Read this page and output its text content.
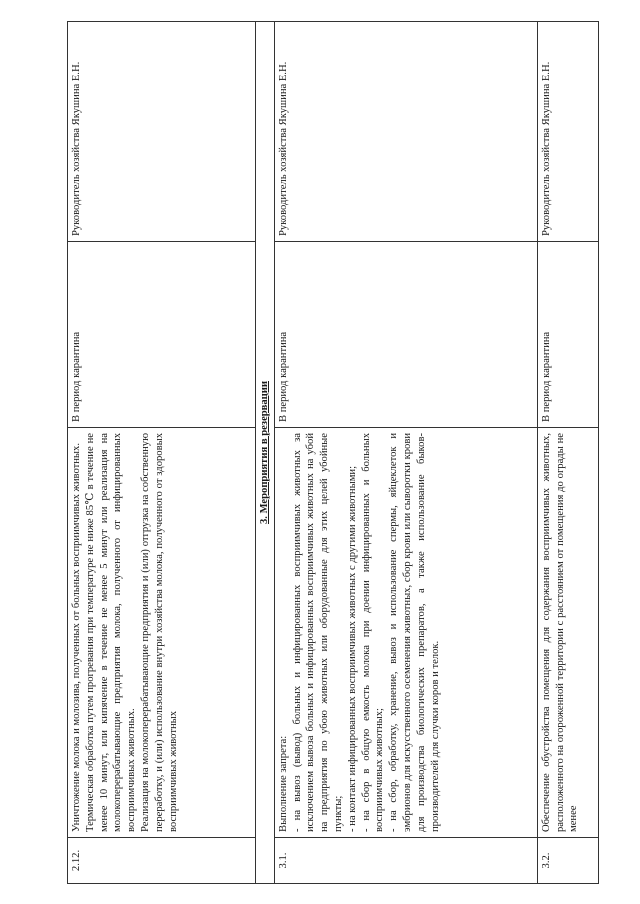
2.12.	Уничтожение молока и молозива, полученных от больных восприимчивых животных. Термическая обработка путем прогревания при температуре не ниже 85℃ в течение не менее 10 минут, или кипячение в течение не менее 5 минут или реализация на молокоперерабатывающие предприятия молока, полученного от инфицированных восприимчивых животных. Реализация на молокоперерабатывающие предприятия и (или) отгрузка на собственную переработку, и (или) использование внутри хозяйства молока, полученного от здоровых восприимчивых животных	В период карантина	Руководитель хозяйства Якушина Е.Н.
3. Мероприятия в резервации			
3.1.	Выполнение запрета: - на вывоз (вывод) больных и инфицированных восприимчивых животных за исключением вывоза больных и инфицированных восприимчивых животных на убой на предприятия по убою животных или оборудованные для этих целей убойные пункты; - на контакт инфицированных восприимчивых животных с другими животными; - на сбор в общую емкость молока при доении инфицированных и больных восприимчивых животных; - на сбор, обработку, хранение, вывоз и использование спермы, яйцеклеток и эмбрионов для искусственного осеменения животных, сбор крови или сыворотки крови для производства биологических препаратов, а также использование быков-производителей для случки коров и телок.	В период карантина	Руководитель хозяйства Якушина Е.Н.
3.2.	Обеспечение обустройства помещения для содержания восприимчивых животных, расположенного на огороженной территории с расстоянием от помещения до ограды не менее	В период карантина	Руководитель хозяйства Якушина Е.Н.
